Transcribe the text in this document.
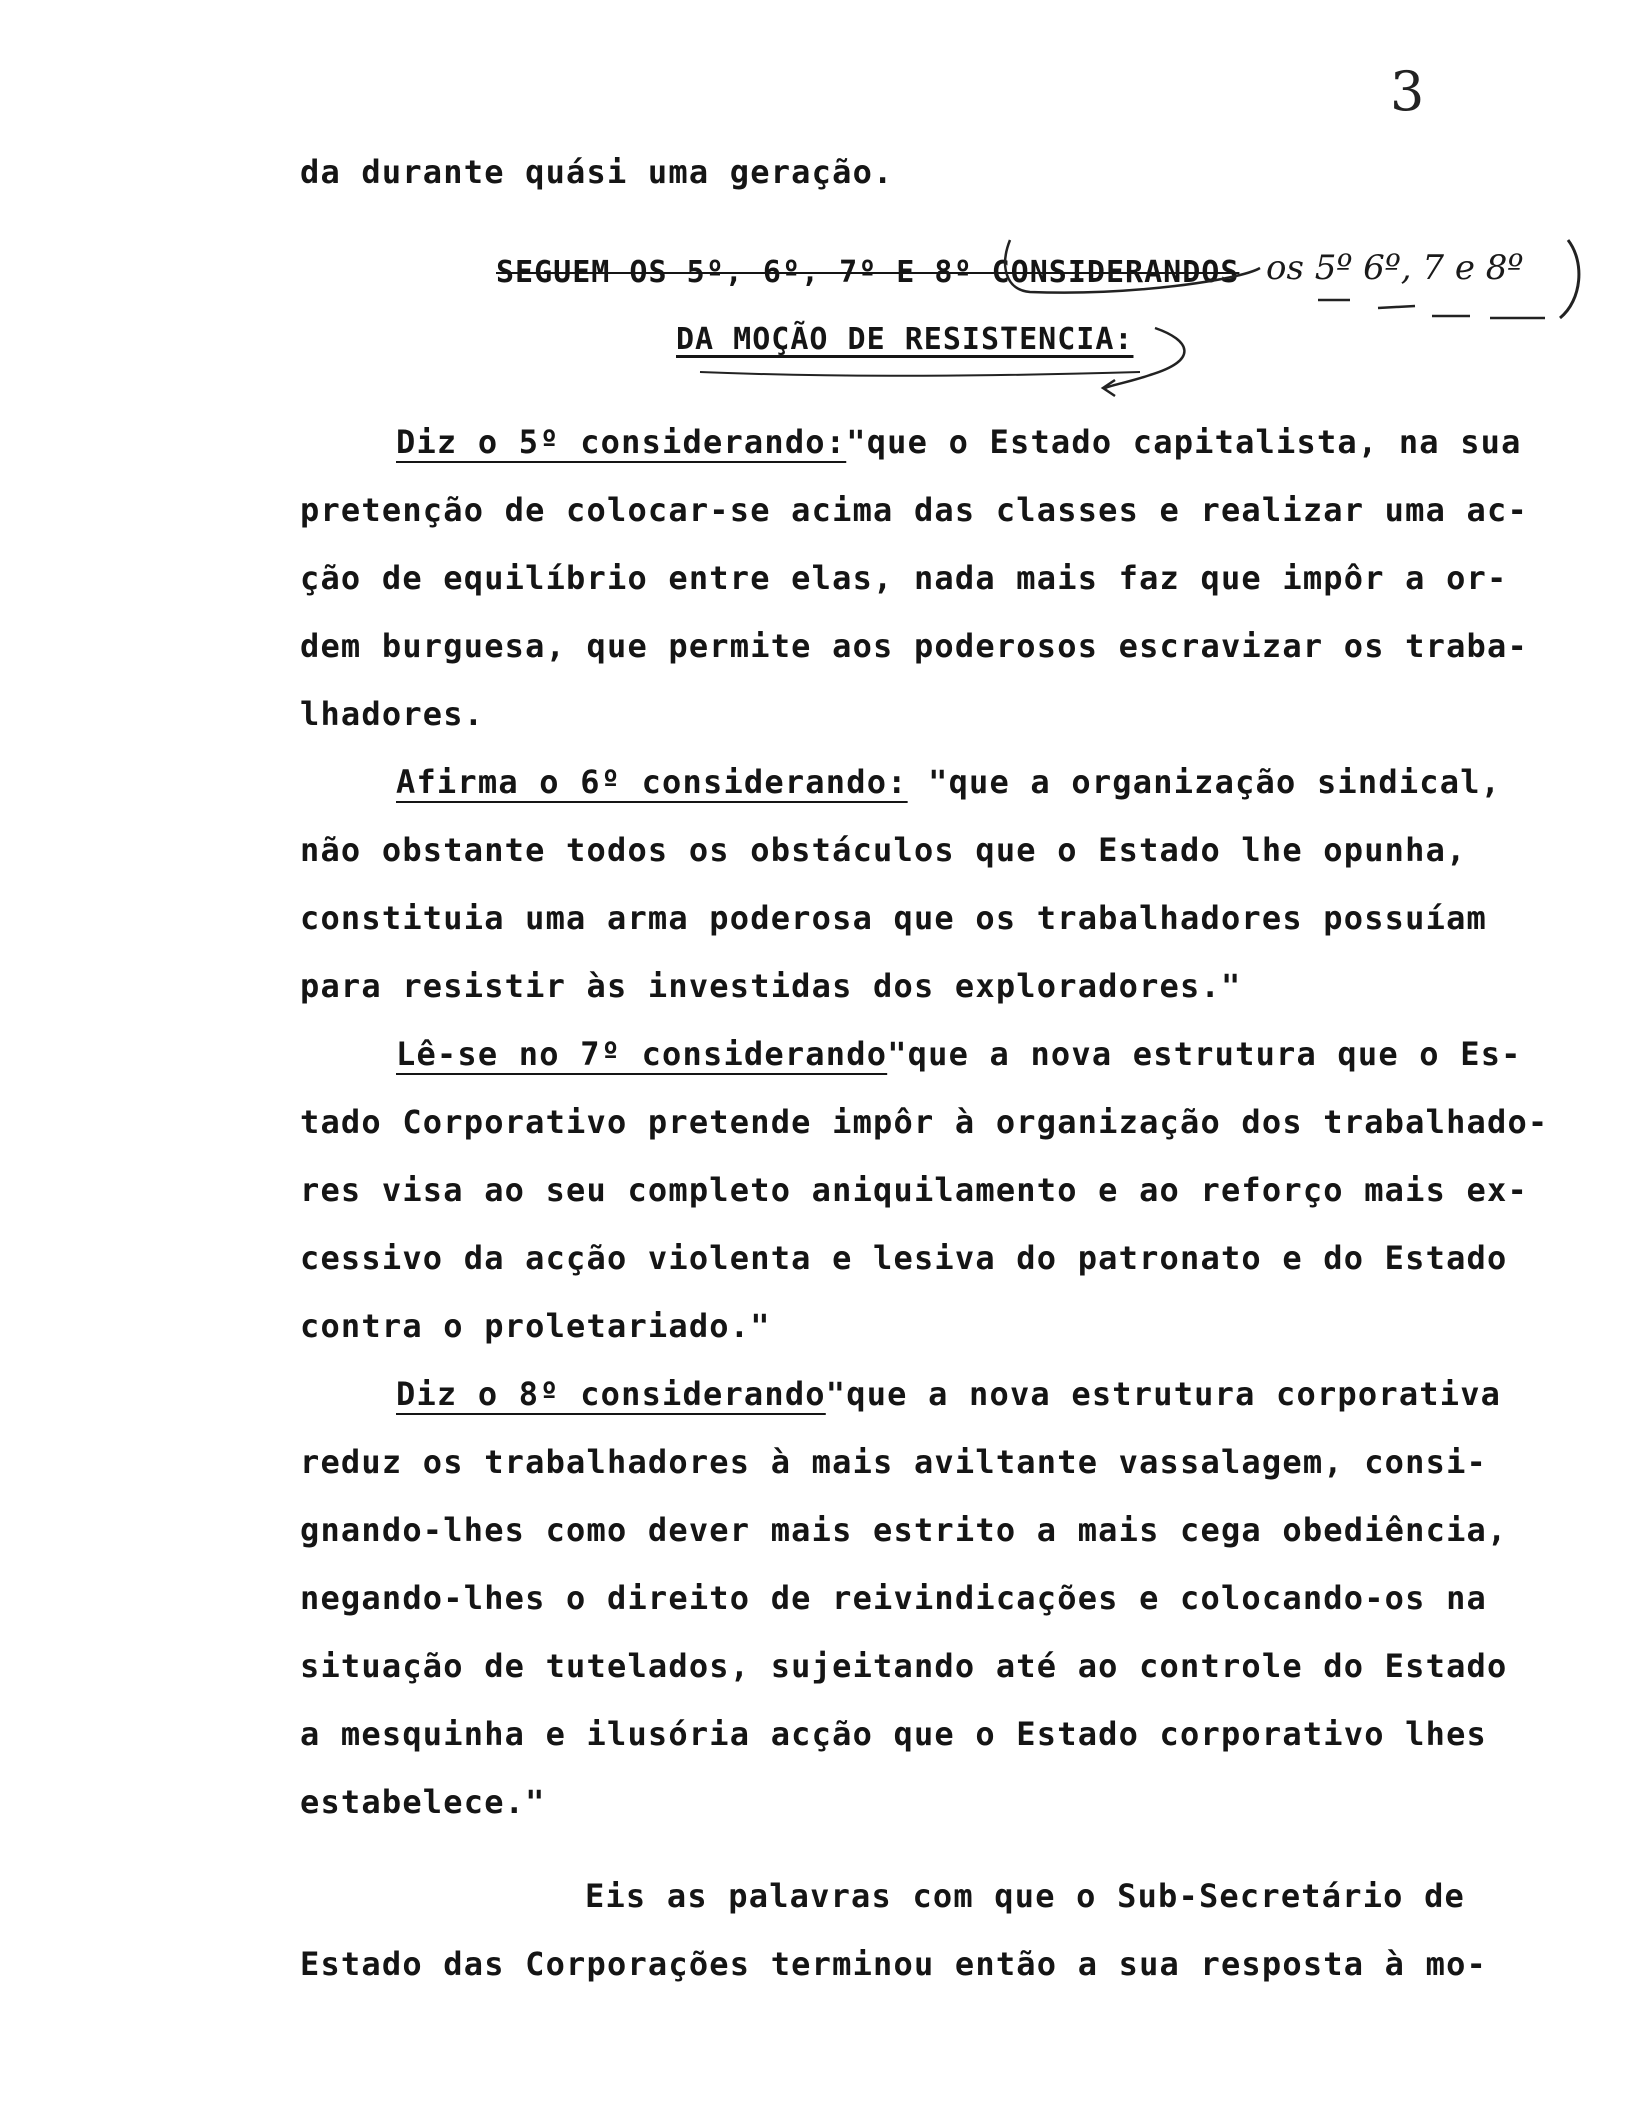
3
da durante quási uma geração.
SEGUEM OS 5º, 6º, 7º E 8º CONSIDERANDOS os 5º 6º, 7 e 8º
DA MOÇÃO DE RESISTENCIA:
Diz o 5º considerando:"que o Estado capitalista, na sua
pretenção de colocar-se acima das classes e realizar uma ac-
ção de equilíbrio entre elas, nada mais faz que impôr a or-
dem burguesa, que permite aos poderosos escravizar os traba-
lhadores.
Afirma o 6º considerando: "que a organização sindical,
não obstante todos os obstáculos que o Estado lhe opunha,
constituia uma arma poderosa que os trabalhadores possuíam
para resistir às investidas dos exploradores."
Lê-se no 7º considerando"que a nova estrutura que o Es-
tado Corporativo pretende impôr à organização dos trabalhado-
res visa ao seu completo aniquilamento e ao reforço mais ex-
cessivo da acção violenta e lesiva do patronato e do Estado
contra o proletariado."
Diz o 8º considerando"que a nova estrutura corporativa
reduz os trabalhadores à mais aviltante vassalagem, consi-
gnando-lhes como dever mais estrito a mais cega obediência,
negando-lhes o direito de reivindicações e colocando-os na
situação de tutelados, sujeitando até ao controle do Estado
a mesquinha e ilusória acção que o Estado corporativo lhes
estabelece."
Eis as palavras com que o Sub-Secretário de
Estado das Corporações terminou então a sua resposta à mo-
